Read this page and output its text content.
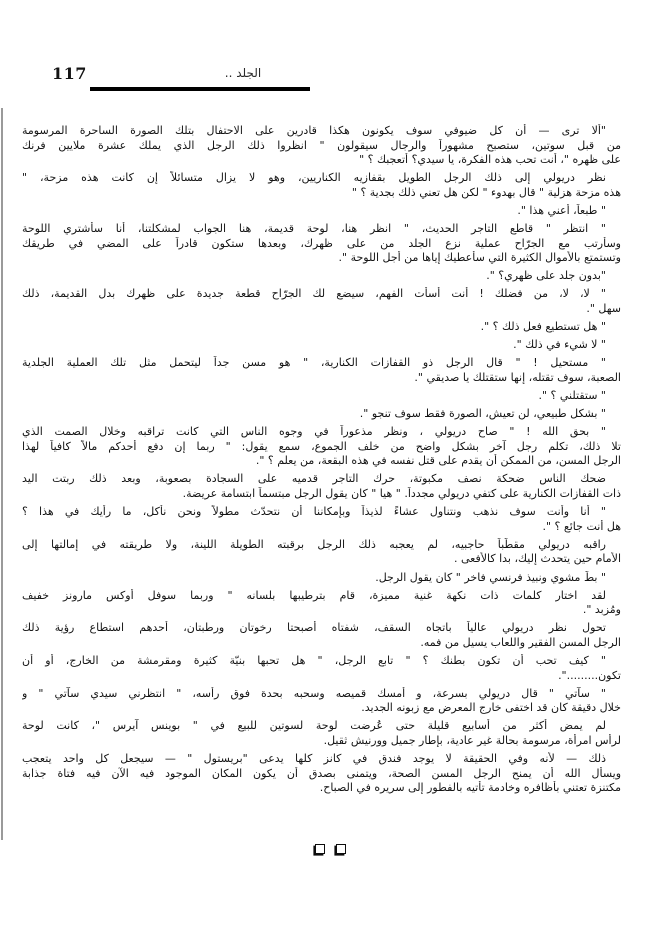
117	الجلد ..
"ألا ترى — أن كل ضيوفي سوف يكونون هكذا قادرين على الاحتفال بتلك الصورة الساحرة المرسومة
من قبل سوتين، ستصبح مشهوراً والرجال سيقولون " انظروا ذلك الرجل الذي يملك عشرة ملايين فرنك
على ظهره "، أنت تحب هذه الفكرة، يا سيدي؟ أتعجبك ؟ "
نظر دريولي إلى ذلك الرجل الطويل بقفازيه الكناريين، وهو لا يزال متسائلاً إن كانت هذه مزحة، "
هذه مزحة هزلية " قال بهدوء " لكن هل تعني ذلك بجدية ؟ "
" طبعاً، أعني هذا ".
" انتظر " قاطع التاجر الحديث، " انظر هنا، لوحة قديمة، هنا الجواب لمشكلتنا، أنا سأشتري اللوحة
وسأرتب مع الجرّاح عملية نزع الجلد من على ظهرك، وبعدها ستكون قادراً على المضي في طريقك
وتستمتع بالأموال الكثيرة التي سأعطيك إياها من أجل اللوحة ".
"بدون جلد على ظهري؟ ".
" لا، لا، من فضلك ! أنت أسأت الفهم، سيضع لك الجرّاح قطعة جديدة على ظهرك بدل القديمة، ذلك
سهل ".
" هل تستطيع فعل ذلك ؟ ".
" لا شيء في ذلك ".
" مستحيل ! " قال الرجل ذو القفازات الكنارية، " هو مسن جداً ليتحمل مثل تلك العملية الجلدية
الصعبة، سوف تقتله، إنها ستقتلك يا صديقي ".
" ستقتلني ؟ ".
" بشكل طبيعي، لن تعيش، الصورة فقط سوف تنجو ".
" بحق الله ! " صاح دريولي ، ونظر مذعوراً في وجوه الناس التي كانت تراقبه وخلال الصمت الذي
تلا ذلك، تكلم رجل آخر بشكل واضح من خلف الجموع، سمع يقول: " ربما إن دفع أحدكم مالاً كافياً لهذا
الرجل المسن، من الممكن أن يقدم على قتل نفسه في هذه البقعة، من يعلم ؟ ".
ضحك الناس ضحكة نصف مكبوتة، حرك التاجر قدميه على السجادة بصعوبة، وبعد ذلك ربتت اليد
ذات القفازات الكنارية على كتفي دريولي مجدداً. " هيا " كان يقول الرجل مبتسماً ابتسامة عريضة.
" أنا وأنت سوف نذهب ونتناول عشاءً لذيذاً وبإمكاننا أن نتحدّث مطولاً ونحن نأكل، ما رأيك في هذا ؟
هل أنت جائع ؟ ".
راقبه دريولي مقطّباً حاجبيه، لم يعجبه ذلك الرجل برقبته الطويلة اللينة، ولا طريقته في إمالتها إلى
الأمام حين يتحدث إليك، بدا كالأفعى .
" بطّ مشوي ونبيذ فرنسي فاخر " كان يقول الرجل.
لقد اختار كلمات ذات نكهة غنية مميزة، قام بترطيبها بلسانه " وربما سوفل أوكس مارونز خفيف
ومُزبد ".
تحول نظر دريولي عالياً باتجاه السقف، شفتاه أصبحتا رخوتان ورطبتان، أحدهم استطاع رؤية ذلك
الرجل المسن الفقير واللعاب يسيل من فمه.
" كيف تحب أن تكون بطنك ؟ " تابع الرجل، " هل تحبها بنيّة كثيرة ومقرمشة من الخارج، أو أن
تكون.........".
" سآتي " قال دريولي بسرعة، و أمسك قميصه وسحبه بحدة فوق رأسه، " انتظرني سيدي سآتي " و
خلال دقيقة كان قد اختفى خارج المعرض مع زبونه الجديد.
لم يمض أكثر من أسابيع قليلة حتى عُرضت لوحة لسوتين للبيع في " بوينس آيرس "، كانت لوحة
لرأس امرأة، مرسومة بحالة غير عادية، بإطار جميل وورنيش ثقيل.
ذلك — لأنه وفي الحقيقة لا يوجد فندق في كانز كلها يدعى "بريستول " — سيجعل كل واحد يتعجب
ويسأل الله أن يمنح الرجل المسن الصحة، ويتمنى بصدق أن يكون المكان الموجود فيه الآن فيه فتاة جذابة
مكتنزة تعتني بأظافره وخادمة تأتيه بالفطور إلى سريره في الصباح.
